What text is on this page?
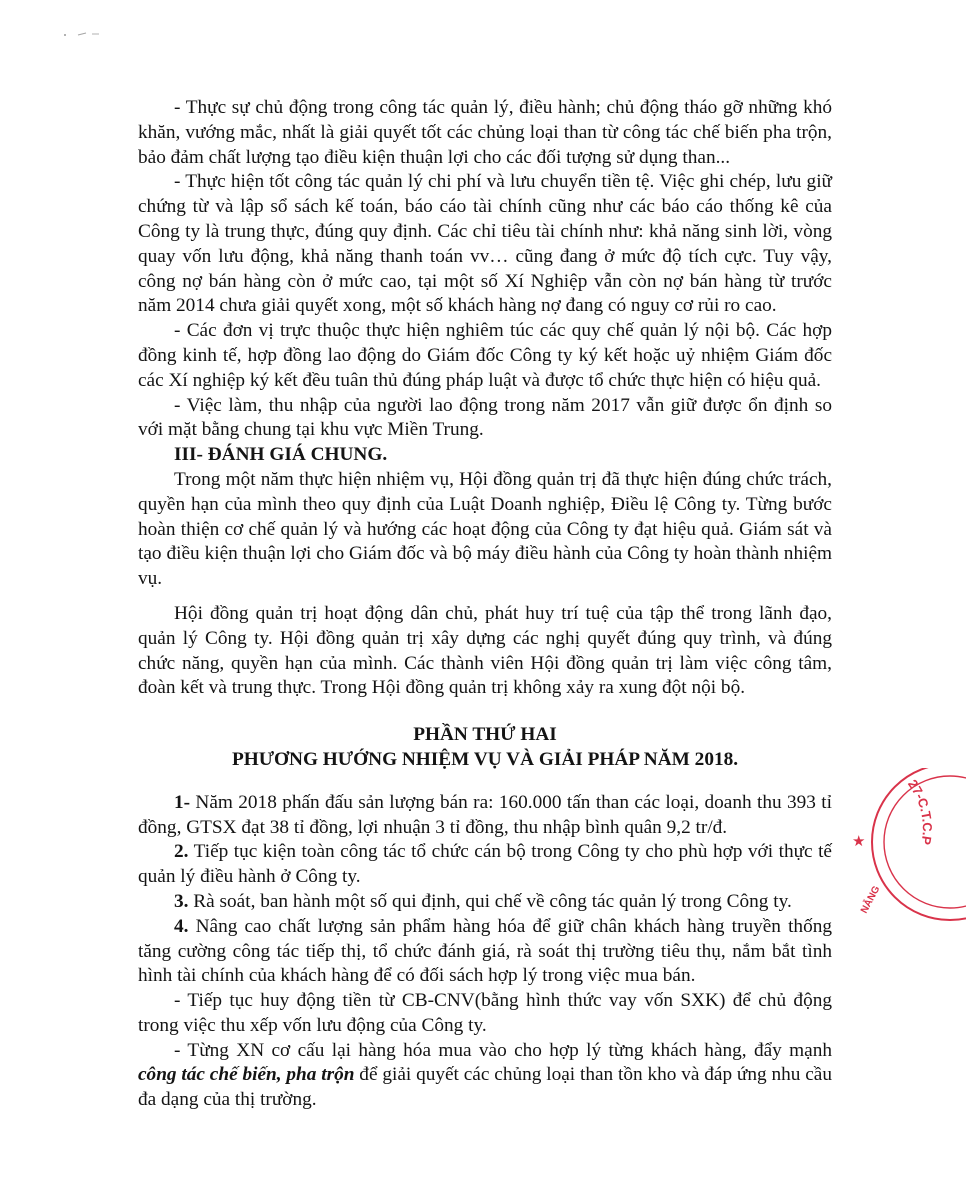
- Thực sự chủ động trong công tác quản lý, điều hành; chủ động tháo gỡ những khó khăn, vướng mắc, nhất là giải quyết tốt các chủng loại than từ công tác chế biến pha trộn, bảo đảm chất lượng tạo điều kiện thuận lợi cho các đối tượng sử dụng than...

- Thực hiện tốt công tác quản lý chi phí và lưu chuyển tiền tệ. Việc ghi chép, lưu giữ chứng từ và lập sổ sách kế toán, báo cáo tài chính cũng như các báo cáo thống kê của Công ty là trung thực, đúng quy định. Các chỉ tiêu tài chính như: khả năng sinh lời, vòng quay vốn lưu động, khả năng thanh toán vv… cũng đang ở mức độ tích cực. Tuy vậy, công nợ bán hàng còn ở mức cao, tại một số Xí Nghiệp vẫn còn nợ bán hàng từ trước năm 2014 chưa giải quyết xong, một số khách hàng nợ đang có nguy cơ rủi ro cao.

- Các đơn vị trực thuộc thực hiện nghiêm túc các quy chế quản lý nội bộ. Các hợp đồng kinh tế, hợp đồng lao động do Giám đốc Công ty ký kết hoặc uỷ nhiệm Giám đốc các Xí nghiệp ký kết đều tuân thủ đúng pháp luật và được tổ chức thực hiện có hiệu quả.

- Việc làm, thu nhập của người lao động trong năm 2017 vẫn giữ được ổn định so với mặt bằng chung tại khu vực Miền Trung.

III- ĐÁNH GIÁ CHUNG.

Trong một năm thực hiện nhiệm vụ, Hội đồng quản trị đã thực hiện đúng chức trách, quyền hạn của mình theo quy định của Luật Doanh nghiệp, Điều lệ Công ty. Từng bước hoàn thiện cơ chế quản lý và hướng các hoạt động của Công ty đạt hiệu quả. Giám sát và tạo điều kiện thuận lợi cho Giám đốc và bộ máy điều hành của Công ty hoàn thành nhiệm vụ.

Hội đồng quản trị hoạt động dân chủ, phát huy trí tuệ của tập thể trong lãnh đạo, quản lý Công ty. Hội đồng quản trị xây dựng các nghị quyết đúng quy trình, và đúng chức năng, quyền hạn của mình. Các thành viên Hội đồng quản trị làm việc công tâm, đoàn kết và trung thực. Trong Hội đồng quản trị không xảy ra xung đột nội bộ.

PHẦN THỨ HAI

PHƯƠNG HƯỚNG NHIỆM VỤ VÀ GIẢI PHÁP NĂM 2018.

1- Năm 2018 phấn đấu sản lượng bán ra: 160.000 tấn than các loại, doanh thu 393 tỉ đồng, GTSX đạt 38 tỉ đồng, lợi nhuận 3 tỉ đồng, thu nhập bình quân 9,2 tr/đ.

2. Tiếp tục kiện toàn công tác tổ chức cán bộ trong Công ty cho phù hợp với thực tế quản lý điều hành ở Công ty.

3. Rà soát, ban hành một số qui định, qui chế về công tác quản lý trong Công ty.

4. Nâng cao chất lượng sản phẩm hàng hóa để giữ chân khách hàng truyền thống tăng cường công tác tiếp thị, tổ chức đánh giá, rà soát thị trường tiêu thụ, nắm bắt tình hình tài chính của khách hàng để có đối sách hợp lý trong việc mua bán.

- Tiếp tục huy động tiền từ CB-CNV(bằng hình thức vay vốn SXK) để chủ động trong việc thu xếp vốn lưu động của Công ty.

- Từng XN cơ cấu lại hàng hóa mua vào cho hợp lý từng khách hàng, đẩy mạnh công tác chế biến, pha trộn để giải quyết các chủng loại than tồn kho và đáp ứng nhu cầu đa dạng của thị trường.

27-C.T.C.P
★
NẴNG
